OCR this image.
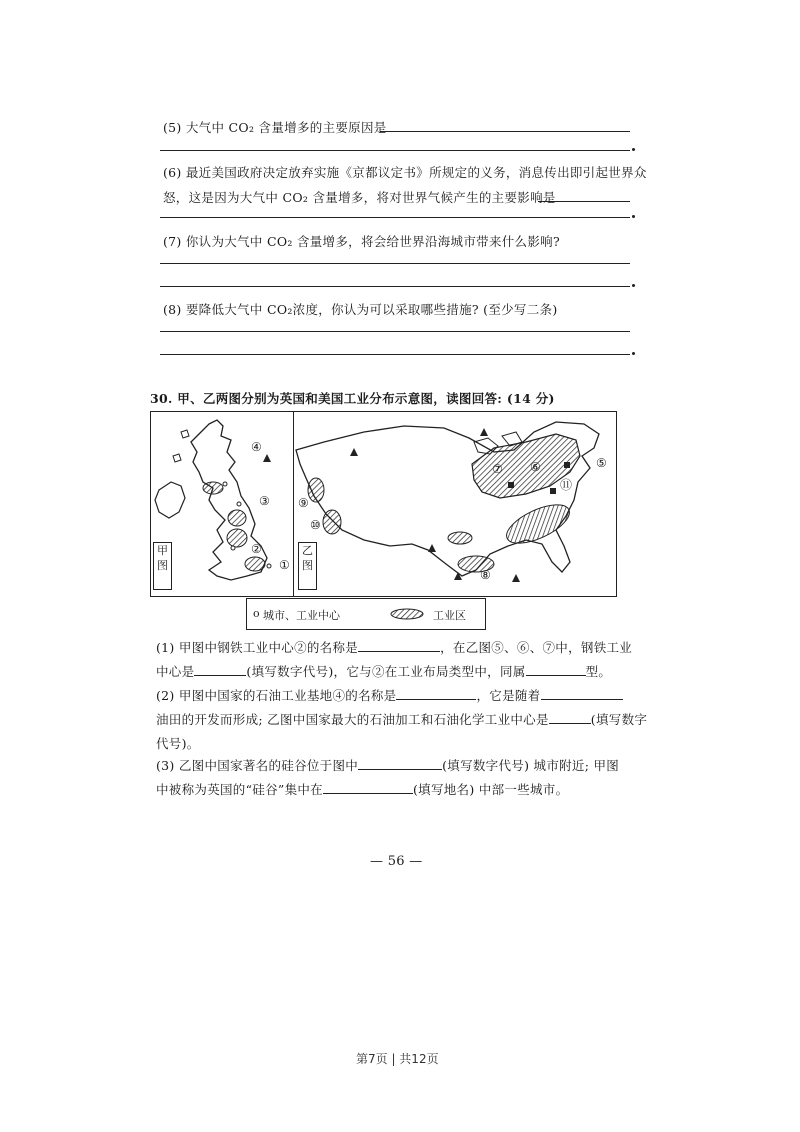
(5) 大气中 CO₂ 含量增多的主要原因是
(6) 最近美国政府决定放弃实施《京都议定书》所规定的义务，消息传出即引起世界众
怒，这是因为大气中 CO₂ 含量增多，将对世界气候产生的主要影响是
(7) 你认为大气中 CO₂ 含量增多，将会给世界沿海城市带来什么影响?
(8) 要降低大气中 CO₂浓度，你认为可以采取哪些措施? (至少写二条)
30. 甲、乙两图分别为英国和美国工业分布示意图，读图回答: (14 分)
甲图
④
③
②
①
乙图
⑤
⑥
⑦
⑧
⑨
⑩
⑪
o 城市、工业中心	工业区
(1) 甲图中钢铁工业中心②的名称是	，在乙图⑤、⑥、⑦中，钢铁工业
中心是	(填写数字代号)，它与②在工业布局类型中，同属	型。
(2) 甲图中国家的石油工业基地④的名称是	，它是随着
油田的开发而形成; 乙图中国家最大的石油加工和石油化学工业中心是	(填写数字
代号)。
(3) 乙图中国家著名的硅谷位于图中	(填写数字代号) 城市附近; 甲图
中被称为英国的“硅谷”集中在	(填写地名) 中部一些城市。
— 56 —
第7页 | 共12页
